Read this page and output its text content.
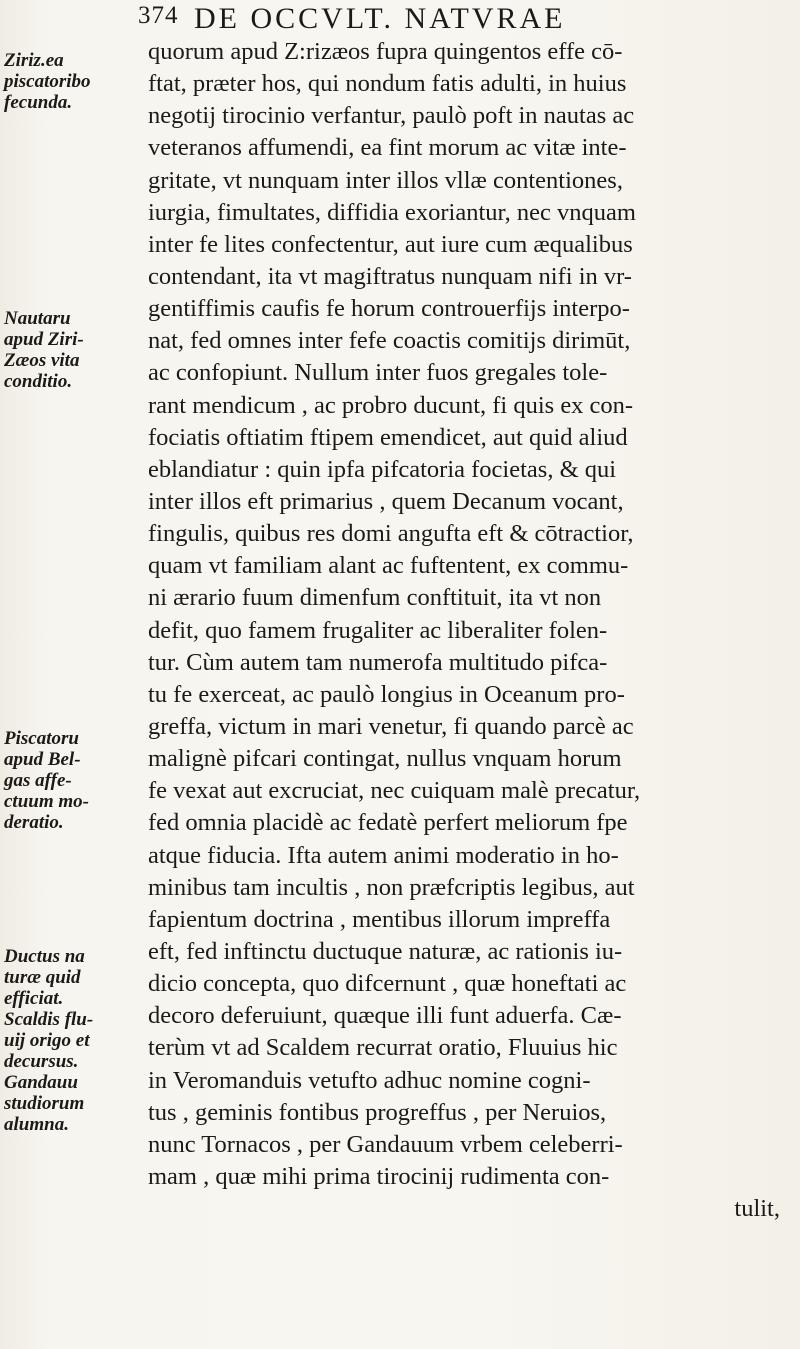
374 DE OCCVLT. NATVRAE
Ziriz.ea
piscatoribo
fecunda.
Nautaru
apud Ziri-
Zæos vita
conditio.
Piscatoru
apud Bel-
gas affe-
ctuum mo-
deratio.
Ductus na
turæ quid
efficiat.
Scaldis flu-
uij origo et
decursus.
Gandauu
studiorum
alumna.
quorum apud Z:rizæos fupra quingentos effe cō-
ftat, præter hos, qui nondum fatis adulti, in huius
negotij tirocinio verfantur, paulò poft in nautas ac
veteranos affumendi, ea fint morum ac vitæ inte-
gritate, vt nunquam inter illos vllæ contentiones,
iurgia, fimultates, diffidia exoriantur, nec vnquam
inter fe lites confectentur, aut iure cum æqualibus
contendant, ita vt magiftratus nunquam nifi in vr-
gentiffimis caufis fe horum controuerfijs interpo-
nat, fed omnes inter fefe coactis comitijs dirimūt,
ac confopiunt. Nullum inter fuos gregales tole-
rant mendicum , ac probro ducunt, fi quis ex con-
fociatis oftiatim ftipem emendicet, aut quid aliud
eblandiatur : quin ipfa pifcatoria focietas, & qui
inter illos eft primarius , quem Decanum vocant,
fingulis, quibus res domi angufta eft & cōtractior,
quam vt familiam alant ac fuftentent, ex commu-
ni ærario fuum dimenfum conftituit, ita vt non
defit, quo famem frugaliter ac liberaliter folen-
tur. Cùm autem tam numerofa multitudo pifca-
tu fe exerceat, ac paulò longius in Oceanum pro-
greffa, victum in mari venetur, fi quando parcè ac
malignè pifcari contingat, nullus vnquam horum
fe vexat aut excruciat, nec cuiquam malè precatur,
fed omnia placidè ac fedatè perfert meliorum fpe
atque fiducia. Ifta autem animi moderatio in ho-
minibus tam incultis , non præfcriptis legibus, aut
fapientum doctrina , mentibus illorum impreffa
eft, fed inftinctu ductuque naturæ, ac rationis iu-
dicio concepta, quo difcernunt , quæ honeftati ac
decoro deferuiunt, quæque illi funt aduerfa. Cæ-
terùm vt ad Scaldem recurrat oratio, Fluuius hic
in Veromanduis vetufto adhuc nomine cogni-
tus , geminis fontibus progreffus , per Neruios,
nunc Tornacos , per Gandauum vrbem celeberri-
mam , quæ mihi prima tirocinij rudimenta con-
tulit,
